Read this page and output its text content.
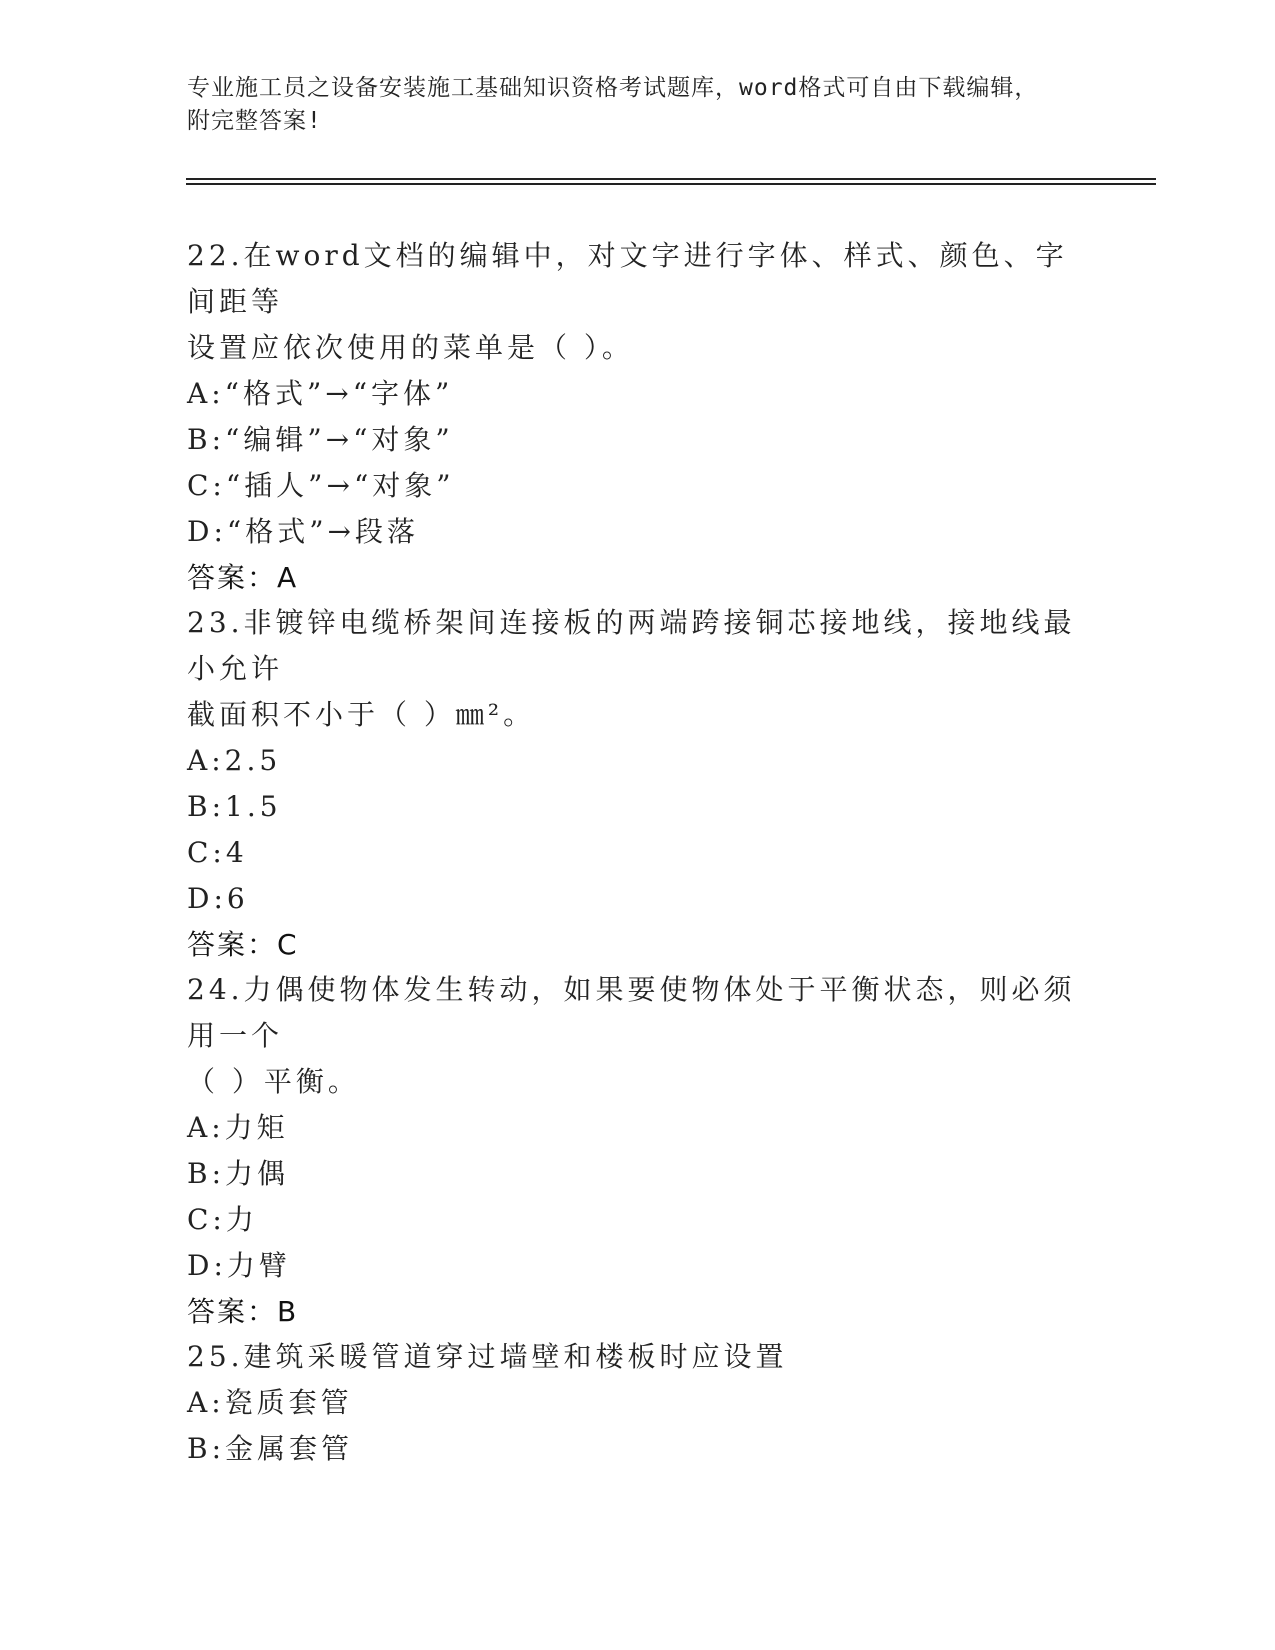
专业施工员之设备安装施工基础知识资格考试题库，word格式可自由下载编辑，
附完整答案!

22.在word文档的编辑中，对文字进行字体、样式、颜色、字间距等

设置应依次使用的菜单是（ ）。

A:“格式”→“字体”

B:“编辑”→“对象”

C:“插人”→“对象”

D:“格式”→段落

答案：A

23.非镀锌电缆桥架间连接板的两端跨接铜芯接地线，接地线最小允许

截面积不小于（ ）㎜²。

A:2.5

B:1.5

C:4

D:6

答案：C

24.力偶使物体发生转动，如果要使物体处于平衡状态，则必须用一个

（ ）平衡。

A:力矩

B:力偶

C:力

D:力臂

答案：B

25.建筑采暖管道穿过墙壁和楼板时应设置

A:瓷质套管

B:金属套管
